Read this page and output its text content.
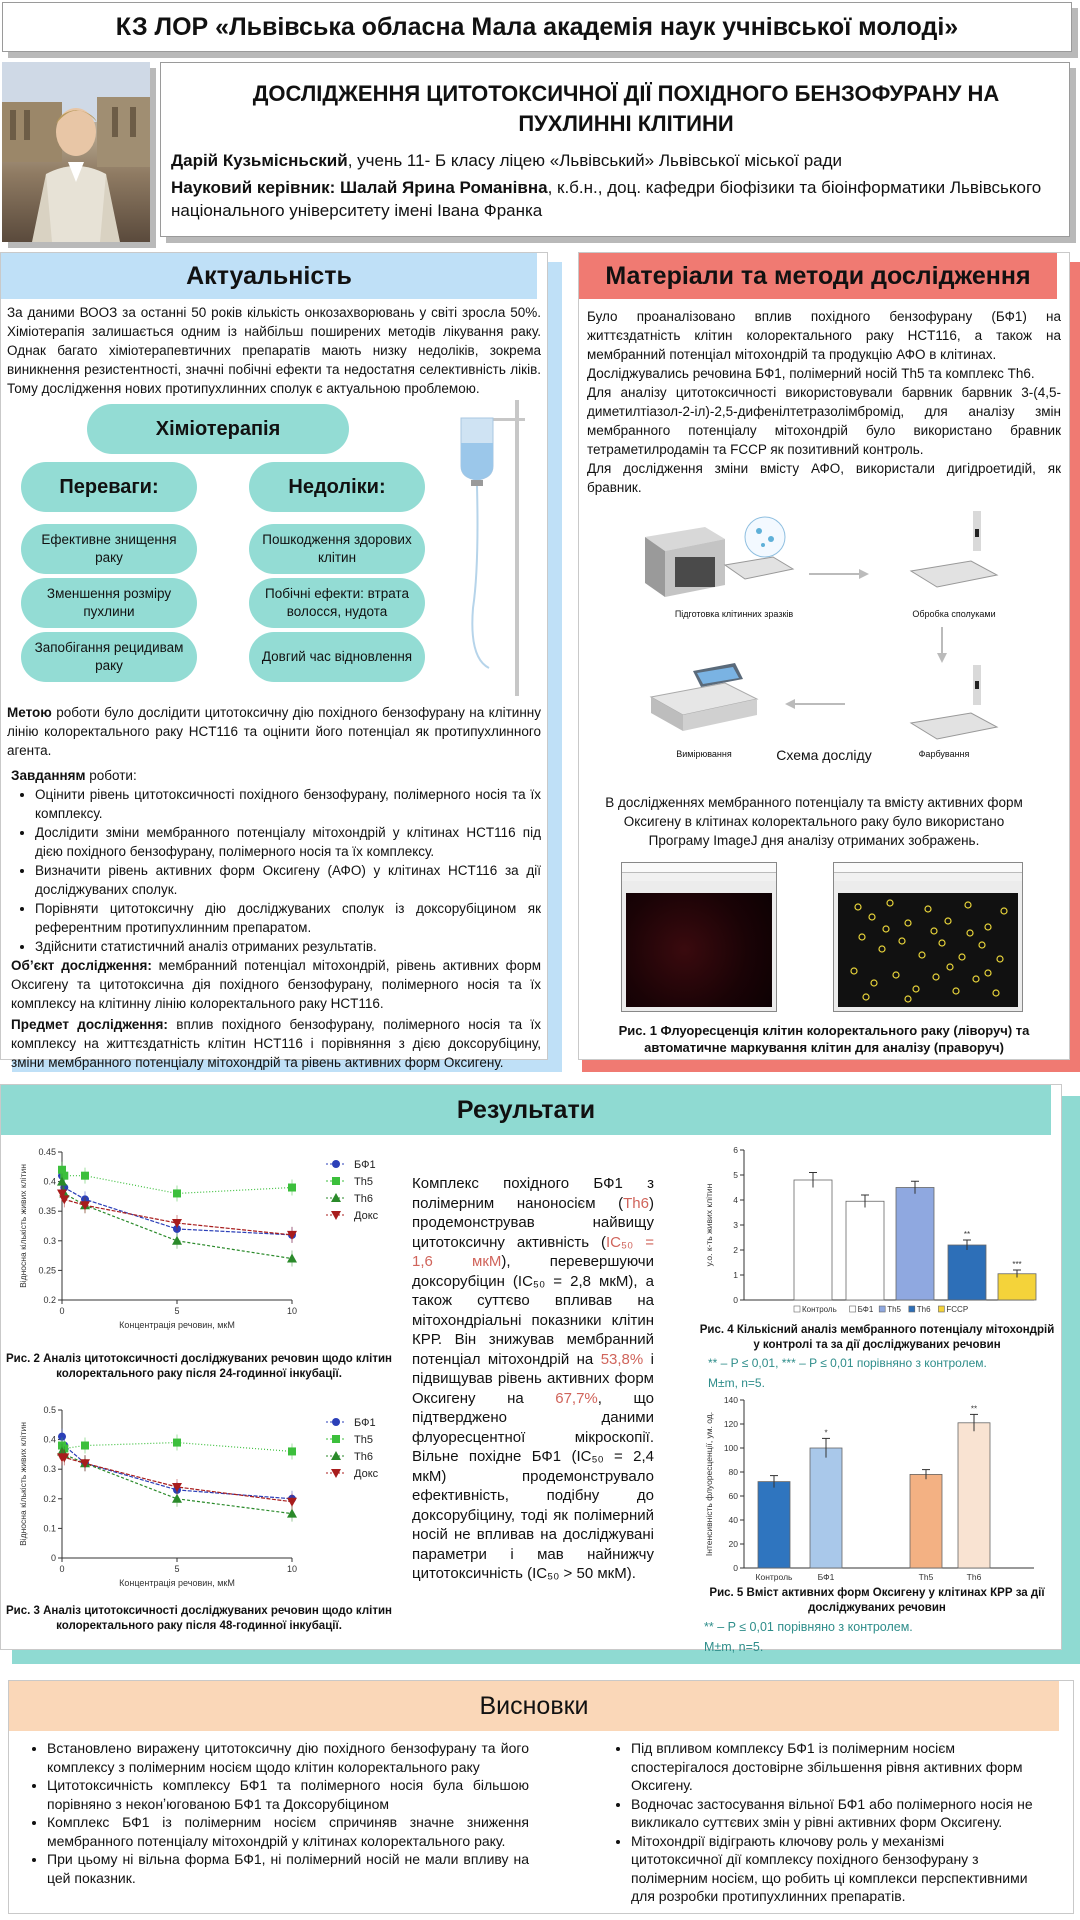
КЗ ЛОР «Львівська обласна Мала академія наук учнівської молоді»
ДОСЛІДЖЕННЯ ЦИТОТОКСИЧНОЇ ДІЇ ПОХІДНОГО БЕНЗОФУРАНУ НА ПУХЛИННІ КЛІТИНИ
Дарій Кузьмісньский, учень 11- Б класу ліцею «Львівський» Львівської міської ради
Науковий керівник: Шалай Ярина Романівна, к.б.н., доц. кафедри біофізики та біоінформатики Львівського національного університету імені Івана Франка
Актуальність
За даними ВООЗ за останні 50 років кількість онкозахворювань у світі зросла 50%. Хіміотерапія залишається одним із найбільш поширених методів лікування раку. Однак багато хіміотерапевтичних препаратів мають низку недоліків, зокрема виникнення резистентності, значні побічні ефекти та недостатня селективність ліків. Тому дослідження нових протипухлинних сполук є актуальною проблемою.
Хіміотерапія
Переваги:	Недоліки:
Ефективне знищення раку
Зменшення розміру пухлини
Запобігання рецидивам раку
Пошкодження здорових клітин
Побічні ефекти: втрата волосся, нудота
Довгий час відновлення
Метою роботи було дослідити цитотоксичну дію похідного бензофурану на клітинну лінію колоректального раку HCT116 та оцінити його потенціал як протипухлинного агента.
Завданням роботи:
• Оцінити рівень цитотоксичності похідного бензофурану, полімерного носія та їх комплексу.
• Дослідити зміни мембранного потенціалу мітохондрій у клітинах HCT116 під дією похідного бензофурану, полімерного носія та їх комплексу.
• Визначити рівень активних форм Оксигену (АФО) у клітинах HCT116 за дії досліджуваних сполук.
• Порівняти цитотоксичну дію досліджуваних сполук із доксорубіцином як референтним протипухлинним препаратом.
• Здійснити статистичний аналіз отриманих результатів.
Об’єкт дослідження: мембранний потенціал мітохондрій, рівень активних форм Оксигену та цитотоксична дія похідного бензофурану, полімерного носія та їх комплексу на клітинну лінію колоректального раку HCT116.
Предмет дослідження: вплив похідного бензофурану, полімерного носія та їх комплексу на життєздатність клітин HCT116 і порівняння з дією доксорубіцину, зміни мембранного потенціалу мітохондрій та рівень активних форм Оксигену.
Матеріали та методи дослідження
Було проаналізовано вплив похідного бензофурану (БФ1) на життєздатність клітин колоректального раку HCT116, а також на мембранний потенціал мітохондрій та продукцію АФО в клітинах.
Досліджувались речовина БФ1, полімерний носій Th5 та комплекс Th6.
Для аналізу цитотоксичності використовували барвник барвник 3-(4,5-диметилтіазол-2-іл)-2,5-дифенілтетразолімбромід, для аналізу змін мембранного потенціалу мітохондрій було використано бравник тетраметилродамін та FCCP як позитивний контроль.
Для дослідження зміни вмісту АФО, використали дигідроетидій, як бравник.
Підготовка клітинних зразків	Обробка сполуками
Фарбування
Вимірювання	Схема досліду
В дослідженнях мембранного потенціалу та вмісту активних форм Оксигену в клітинах колоректального раку було використано Програму ImageJ дня аналізу отриманих зображень.
Рис. 1 Флуоресценція клітин колоректального раку (ліворуч) та автоматичне маркування клітин для аналізу (праворуч)
Результати
0.2
0.25
0.3
0.35
0.4
0.45
0	5	10
Концентрація речовин, мкМ
Відносна кількість живих клітин	БФ1
Th5
Th6
Докс
Рис. 2 Аналіз цитотоксичності досліджуваних речовин щодо клітин колоректального раку після 24-годинної інкубації.
0
0.1
0.2
0.3
0.4
0.5
0	5	10
Концентрація речовин, мкМ
Відносна кількість живих клітин	БФ1
Th5
Th6
Докс
Рис. 3 Аналіз цитотоксичності досліджуваних речовин щодо клітин колоректального раку після 48-годинної інкубації.
Комплекс похідного БФ1 з полімерним наноносієм (Th6) продемонстрував найвищу цитотоксичну активність (IC₅₀ = 1,6 мкМ), перевершуючи доксорубіцин (IC₅₀ = 2,8 мкМ), а також суттєво впливав на мітохондріальні показники клітин КРР. Він знижував мембранний потенціал мітохондрій на 53,8% і підвищував рівень активних форм Оксигену на 67,7%, що підтверджено даними флуоресцентної мікроскопії. Вільне похідне БФ1 (IC₅₀ = 2,4 мкМ) продемонструвало ефективність, подібну до доксорубіцину, тоді як полімерний носій не впливав на досліджувані параметри і мав найнижчу цитотоксичність (IC₅₀ > 50 мкМ).
0
1
2
3
4
5
6
у.о. к-ть живих клітин	**
***
Контроль	БФ1 Th5 Th6 FCCP
Рис. 4 Кількісний аналіз мембранного потенціалу мітохондрій у контролі та за дії досліджуваних речовин
** – P ≤ 0,01, *** – P ≤ 0,01 порівняно з контролем.
M±m, n=5.
0
20
40
60
80
100
120
140
Інтенсивність флуоресценції, ум. од.
Контроль
*
БФ1	Th5
**
Th6
Рис. 5 Вміст активних форм Оксигену у клітинах КРР за дії досліджуваних речовин
** – P ≤ 0,01 порівняно з контролем.
M±m, n=5.
Висновки
• Встановлено виражену цитотоксичну дію похідного бензофурану та його комплексу з полімерним носієм щодо клітин колоректального раку
• Цитотоксичність комплексу БФ1 та полімерного носія була більшою порівняно з неконʼюгованою БФ1 та Доксорубіцином
• Комплекс БФ1 із полімерним носієм спричиняв значне зниження мембранного потенціалу мітохондрій у клітинах колоректального раку.
• При цьому ні вільна форма БФ1, ні полімерний носій не мали впливу на цей показник.
• Під впливом комплексу БФ1 із полімерним носієм спостерігалося достовірне збільшення рівня активних форм Оксигену.
• Водночас застосування вільної БФ1 або полімерного носія не викликало суттєвих змін у рівні активних форм Оксигену.
• Мітохондрії відіграють ключову роль у механізмі цитотоксичної дії комплексу похідного бензофурану з полімерним носієм, що робить ці комплекси перспективними для розробки протипухлинних препаратів.
